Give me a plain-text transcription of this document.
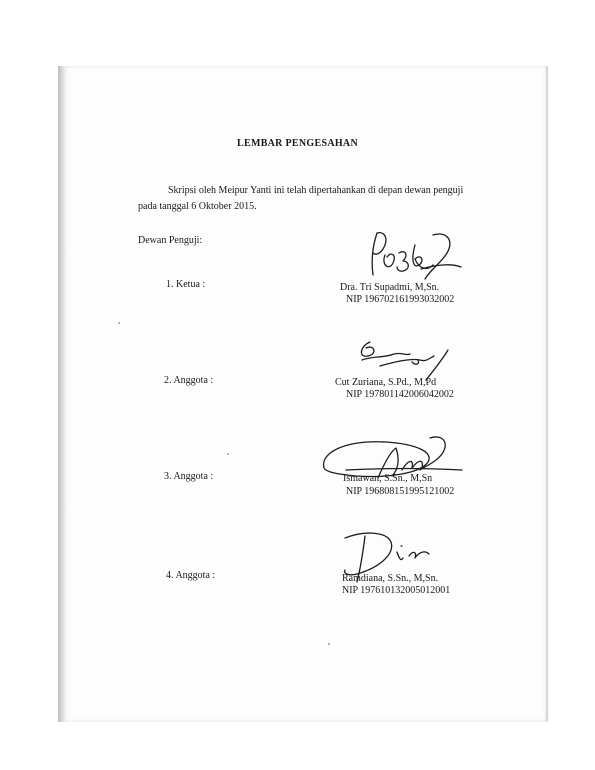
LEMBAR PENGESAHAN
Skripsi oleh Meipur Yanti ini telah dipertahankan di depan dewan penguji
pada tanggal 6 Oktober 2015.
Dewan Penguji:
1. Ketua :	Dra. Tri Supadmi, M,Sn.
NIP 196702161993032002
2. Anggota :	Cut Zuriana, S.Pd., M,Pd
NIP 197801142006042002
3. Anggota :	Ismawan, S.Sn., M,Sn
NIP 196808151995121002
4. Anggota :	Ramdiana, S.Sn., M,Sn.
NIP 197610132005012001
